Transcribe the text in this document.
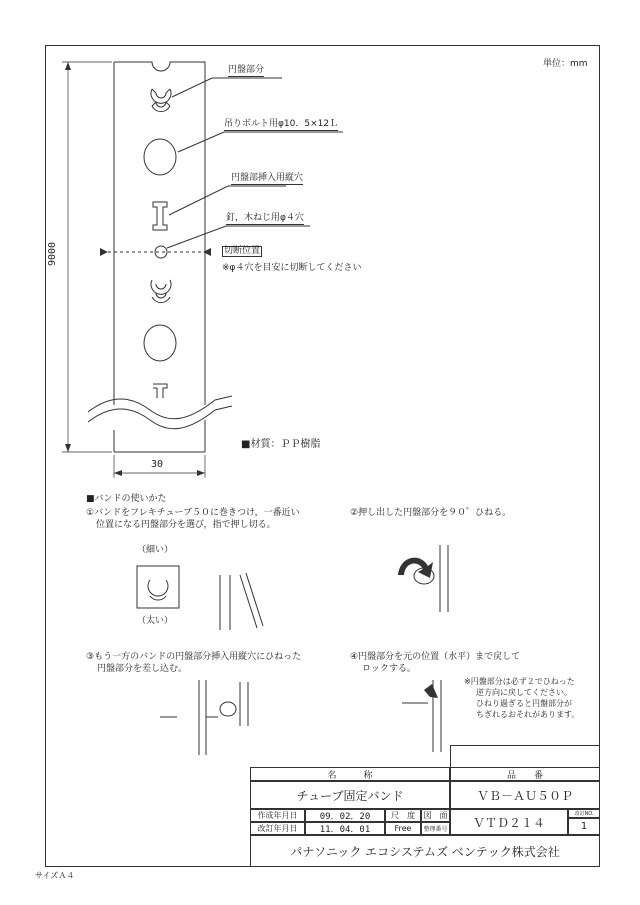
単位：mm
円盤部分
吊りボルト用φ10．5×12Ｌ
円盤部挿入用縦穴
釘，木ねじ用φ４穴
切断位置
※φ４穴を目安に切断してください
■材質：ＰＰ樹脂
9000
30
■バンドの使いかた
①バンドをフレキチューブ５０に巻きつけ，一番近い
位置になる円盤部分を選び，指で押し切る。
（細い）
（太い）
②押し出した円盤部分を９０゜ひねる。
③もう一方のバンドの円盤部分挿入用縦穴にひねった
円盤部分を差し込む。
④円盤部分を元の位置（水平）まで戻して
ロックする。
※円盤部分は必ず２でひねった
逆方向に戻してください。
ひねり過ぎると円盤部分が
ちぎれるおそれがあります。
名　　　称	品　　番
チューブ固定バンド	ＶＢ－ＡＵ５０Ｐ
作成年月日	09．02．20	尺　度	図　面
改訂年月日	11．04．01	Free	整理番号	ＶＴＤ２１４
改訂NO.
1
パナソニック エコシステムズ ベンテック株式会社
サイズＡ４
